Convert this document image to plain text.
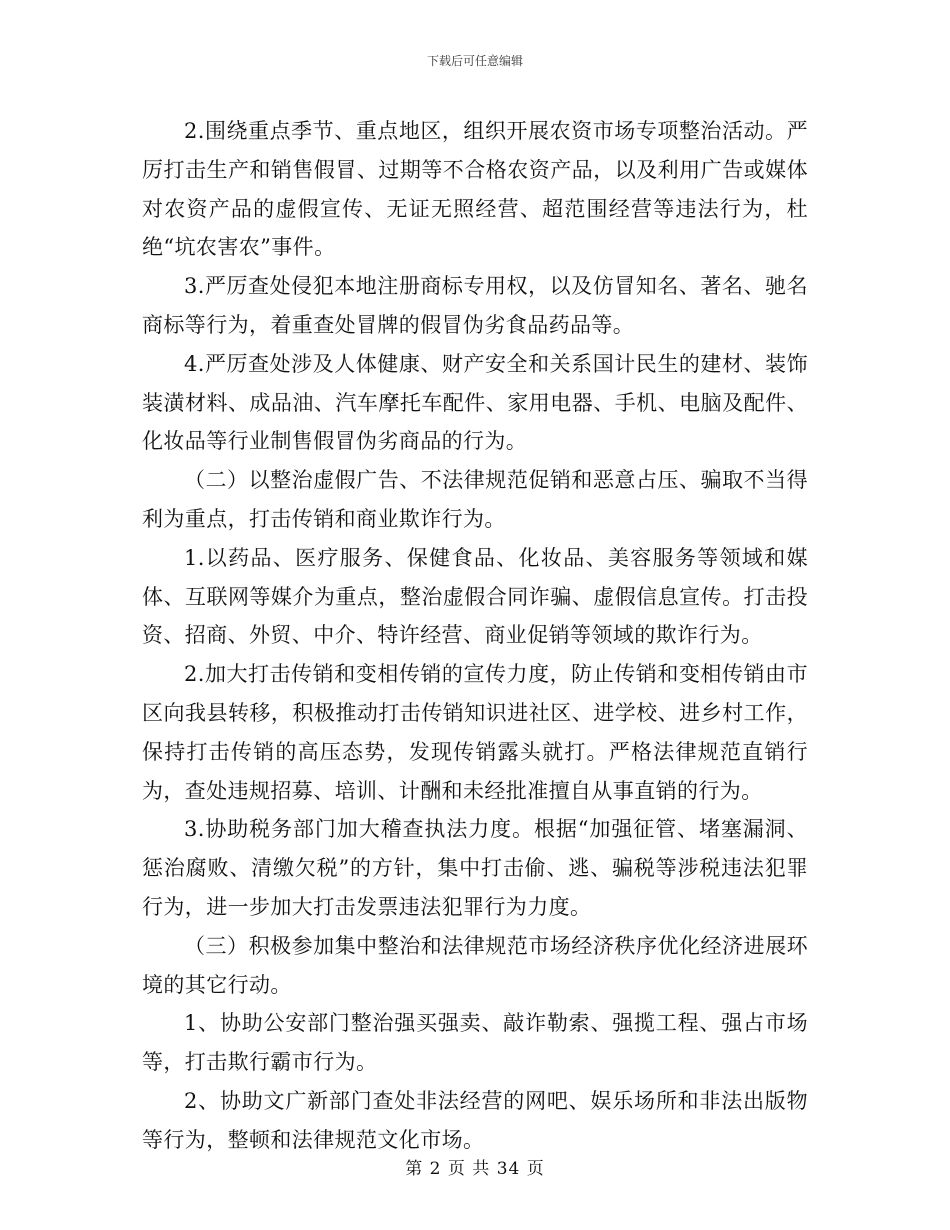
下载后可任意编辑

2.围绕重点季节、重点地区，组织开展农资市场专项整治活动。严厉打击生产和销售假冒、过期等不合格农资产品，以及利用广告或媒体对农资产品的虚假宣传、无证无照经营、超范围经营等违法行为，杜绝“坑农害农”事件。

3.严厉查处侵犯本地注册商标专用权，以及仿冒知名、著名、驰名商标等行为，着重查处冒牌的假冒伪劣食品药品等。

4.严厉查处涉及人体健康、财产安全和关系国计民生的建材、装饰装潢材料、成品油、汽车摩托车配件、家用电器、手机、电脑及配件、化妆品等行业制售假冒伪劣商品的行为。

（二）以整治虚假广告、不法律规范促销和恶意占压、骗取不当得利为重点，打击传销和商业欺诈行为。

1.以药品、医疗服务、保健食品、化妆品、美容服务等领域和媒体、互联网等媒介为重点，整治虚假合同诈骗、虚假信息宣传。打击投资、招商、外贸、中介、特许经营、商业促销等领域的欺诈行为。

2.加大打击传销和变相传销的宣传力度，防止传销和变相传销由市区向我县转移，积极推动打击传销知识进社区、进学校、进乡村工作，保持打击传销的高压态势，发现传销露头就打。严格法律规范直销行为，查处违规招募、培训、计酬和未经批准擅自从事直销的行为。

3.协助税务部门加大稽查执法力度。根据“加强征管、堵塞漏洞、惩治腐败、清缴欠税”的方针，集中打击偷、逃、骗税等涉税违法犯罪行为，进一步加大打击发票违法犯罪行为力度。

（三）积极参加集中整治和法律规范市场经济秩序优化经济进展环境的其它行动。

1、协助公安部门整治强买强卖、敲诈勒索、强揽工程、强占市场等，打击欺行霸市行为。

2、协助文广新部门查处非法经营的网吧、娱乐场所和非法出版物等行为，整顿和法律规范文化市场。

第 2 页 共 34 页
